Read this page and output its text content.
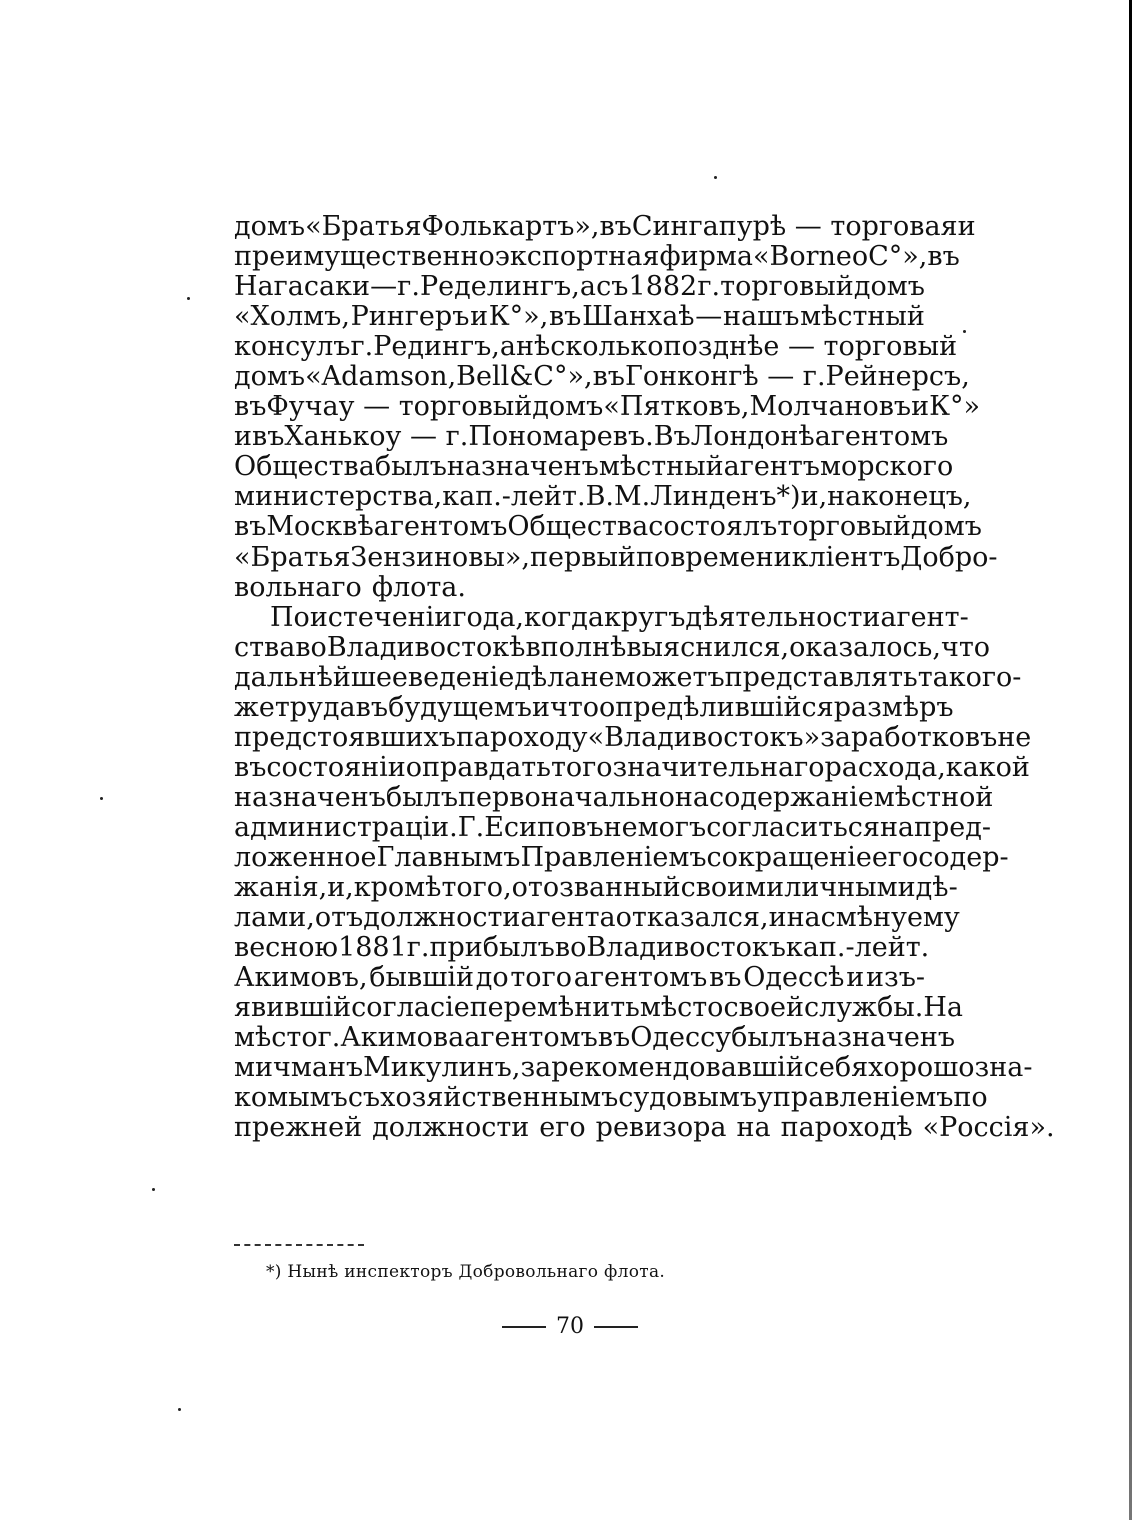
домъ «Братья Фолькартъ», въ Сингапурѣ — торговая и
преимущественно экспортная фирма «Borneo C°», въ
Нагасаки — г. Ределингъ, а съ 1882 г. торговый домъ
«Холмъ, Рингеръ и К°», въ Шанхаѣ — нашъ мѣстный
консулъ г. Редингъ, а нѣсколько позднѣе — торговый
домъ «Adamson, Bell & C°», въ Гонконгѣ — г. Рейнерсъ,
въ Фучау — торговый домъ «Пятковъ, Молчановъ и К°»
и въ Ханькоу — г. Пономаревъ. Въ Лондонѣ агентомъ
Общества былъ назначенъ мѣстный агентъ морского
министерства, кап.-лейт. В. М. Линденъ*) и, наконецъ,
въ Москвѣ агентомъ Общества состоялъ торговый домъ
«Братья Зензиновы», первый по времени кліентъ Добро-
вольнаго флота.
По истеченіи года, когда кругъ дѣятельности агент-
ства во Владивостокѣ вполнѣ выяснился, оказалось, что
дальнѣйшее веденіе дѣла не можетъ представлять такого-
же труда въ будущемъ и что опредѣлившійся размѣръ
предстоявшихъ пароходу «Владивостокъ» заработковъ не
въ состояніи оправдать того значительнаго расхода, какой
назначенъ былъ первоначально на содержаніе мѣстной
администраціи. Г. Есиповъ не могъ согласиться на пред-
ложенное Главнымъ Правленіемъ сокращеніе его содер-
жанія, и, кромѣ того, отозванный своими личными дѣ-
лами, отъ должности агента отказался, и на смѣну ему
весною 1881 г. прибылъ во Владивостокъ кап.-лейт.
Акимовъ, бывшій до того агентомъ въ Одессѣ и изъ-
явившій согласіе перемѣнить мѣсто своей службы. На
мѣсто г. Акимова агентомъ въ Одессу былъ назначенъ
мичманъ Микулинъ, зарекомендовавшій себя хорошо зна-
комымъ съ хозяйственнымъ судовымъ управленіемъ по
прежней должности его ревизора на пароходѣ «Россія».
*) Нынѣ инспекторъ Добровольнаго флота.
70
